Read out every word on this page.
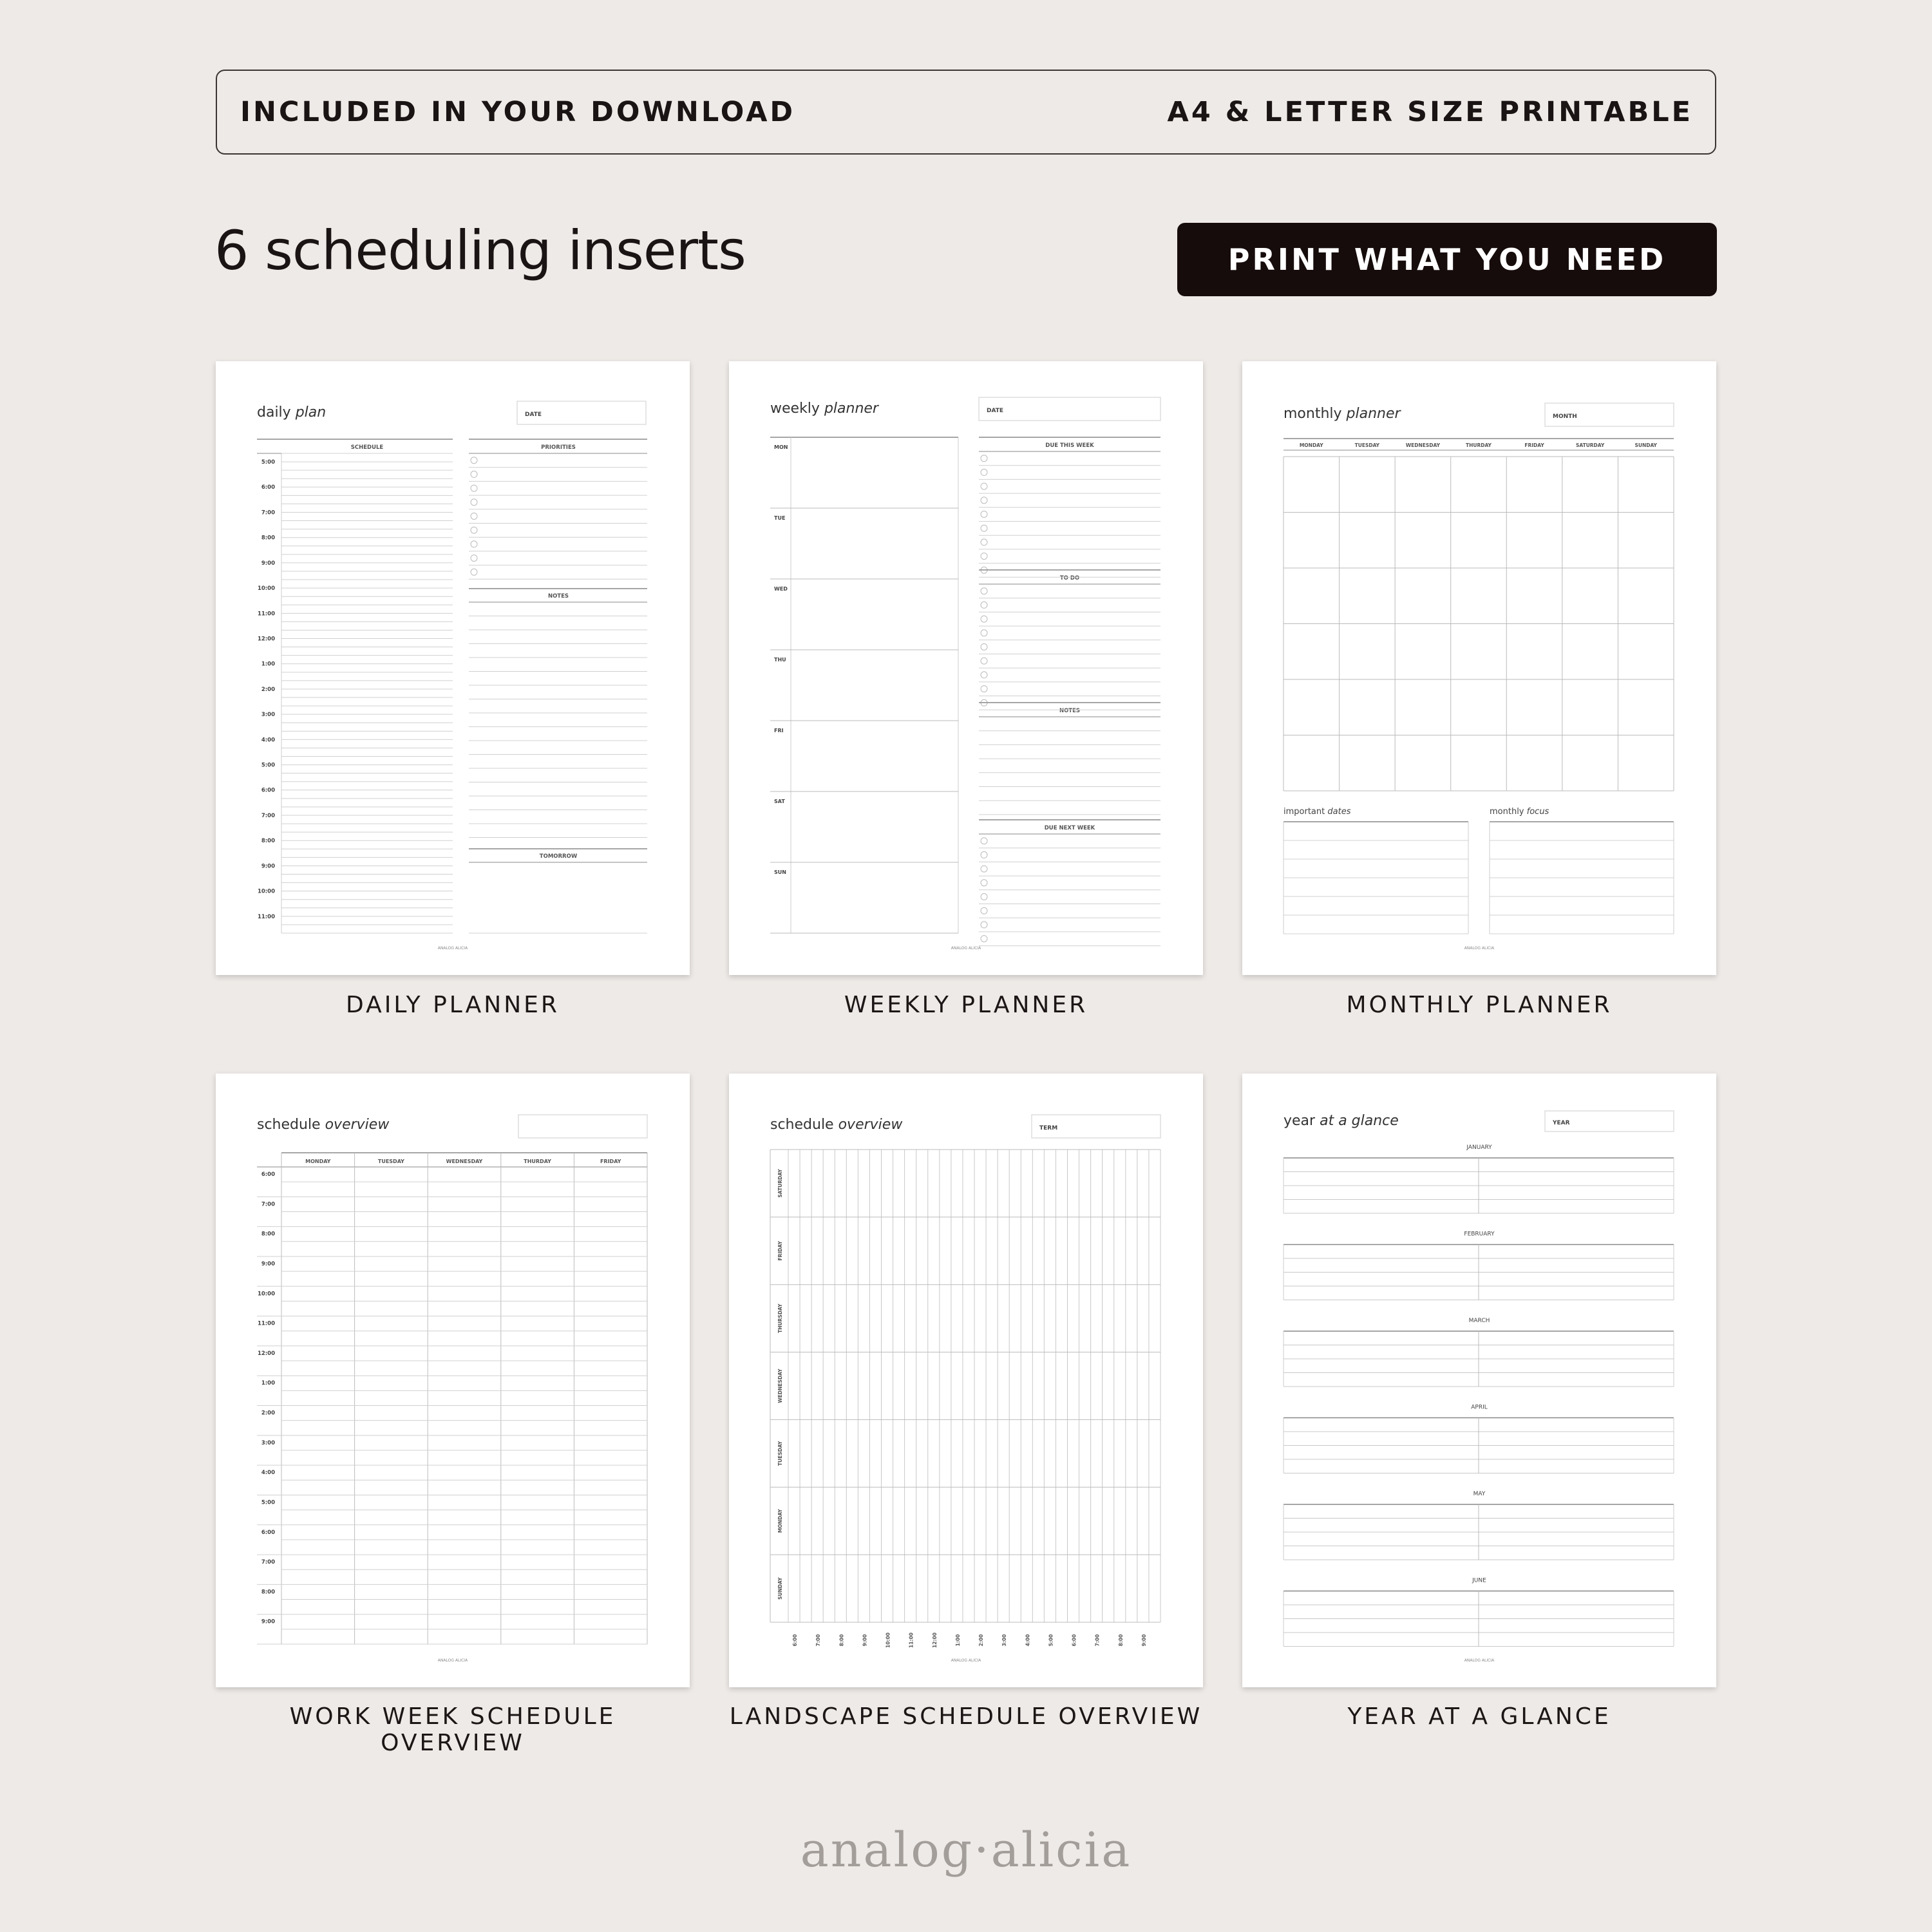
INCLUDED IN YOUR DOWNLOAD	A4 & LETTER SIZE PRINTABLE
6 scheduling inserts	PRINT WHAT YOU NEED
daily plan	DATE
SCHEDULE	PRIORITIES
NOTES
TOMORROW
5:00
6:00
7:00
8:00
9:00
10:00
11:00
12:00
1:00
2:00
3:00
4:00
5:00
6:00
7:00
8:00
9:00
10:00
11:00
ANALOG ALICIA
DAILY PLANNER
weekly planner	DATE
DUE THIS WEEK
TO DO
NOTES
DUE NEXT WEEK
MON
TUE
WED
THU
FRI
SAT
SUN
ANALOG ALICIA
WEEKLY PLANNER
monthly planner	MONTH
important dates	monthly focus
MONDAY	TUESDAY	WEDNESDAY	THURDAY	FRIDAY	SATURDAY	SUNDAY
ANALOG ALICIA
MONTHLY PLANNER
schedule overview
MONDAY	TUESDAY	WEDNESDAY	THURDAY	FRIDAY
6:00
7:00
8:00
9:00
10:00
11:00
12:00
1:00
2:00
3:00
4:00
5:00
6:00
7:00
8:00
9:00
ANALOG ALICIA
WORK WEEK SCHEDULE OVERVIEW
schedule overview	TERM
SATURDAY
FRIDAY
THURSDAY
WEDNESDAY
TUESDAY
MONDAY
SUNDAY
6:00	7:00	8:00	9:00	10:00	11:00	12:00	1:00	2:00	3:00	4:00	5:00	6:00	7:00	8:00	9:00
ANALOG ALICIA
LANDSCAPE SCHEDULE OVERVIEW
year at a glance	YEAR
JANUARY
FEBRUARY
MARCH
APRIL
MAY
JUNE
ANALOG ALICIA
YEAR AT A GLANCE
analog·alicia
